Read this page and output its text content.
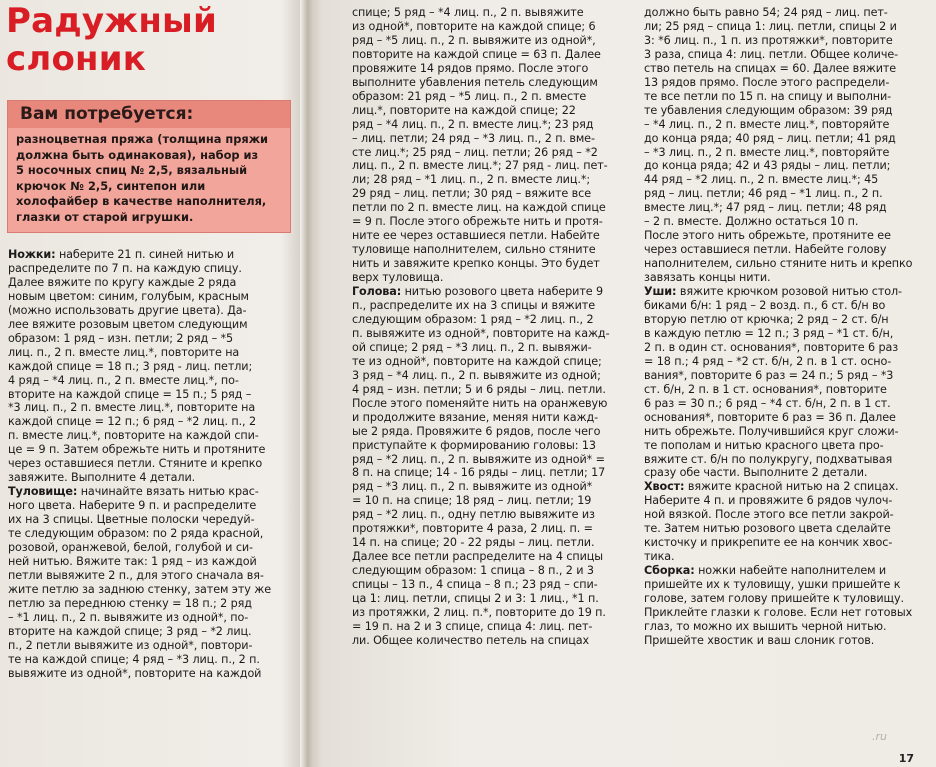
Радужный

слоник

Вам потребуется:
разноцветная пряжа (толщина пряжи
должна быть одинаковая), набор из
5 носочных спиц № 2,5, вязальный
крючок № 2,5, синтепон или
холофайбер в качестве наполнителя,
глазки от старой игрушки.

Ножки: наберите 21 п. синей нитью и

распределите по 7 п. на каждую спицу.

Далее вяжите по кругу каждые 2 ряда

новым цветом: синим, голубым, красным

(можно использовать другие цвета). Да-

лее вяжите розовым цветом следующим

образом: 1 ряд – изн. петли; 2 ряд – *5

лиц. п., 2 п. вместе лиц.*, повторите на

каждой спице = 18 п.; 3 ряд - лиц. петли;

4 ряд – *4 лиц. п., 2 п. вместе лиц.*, по-

вторите на каждой спице = 15 п.; 5 ряд –

*3 лиц. п., 2 п. вместе лиц.*, повторите на

каждой спице = 12 п.; 6 ряд – *2 лиц. п., 2

п. вместе лиц.*, повторите на каждой спи-

це = 9 п. Затем обрежьте нить и протяните

через оставшиеся петли. Стяните и крепко

завяжите. Выполните 4 детали.

Туловище: начинайте вязать нитью крас-

ного цвета. Наберите 9 п. и распределите

их на 3 спицы. Цветные полоски чередуй-

те следующим образом: по 2 ряда красной,

розовой, оранжевой, белой, голубой и си-

ней нитью. Вяжите так: 1 ряд – из каждой

петли вывяжите 2 п., для этого сначала вя-

жите петлю за заднюю стенку, затем эту же

петлю за переднюю стенку = 18 п.; 2 ряд

– *1 лиц. п., 2 п. вывяжите из одной*, по-

вторите на каждой спице; 3 ряд – *2 лиц.

п., 2 петли вывяжите из одной*, повтори-

те на каждой спице; 4 ряд – *3 лиц. п., 2 п.

вывяжите из одной*, повторите на каждой

спице; 5 ряд – *4 лиц. п., 2 п. вывяжите

из одной*, повторите на каждой спице; 6

ряд – *5 лиц. п., 2 п. вывяжите из одной*,

повторите на каждой спице = 63 п. Далее

провяжите 14 рядов прямо. После этого

выполните убавления петель следующим

образом: 21 ряд – *5 лиц. п., 2 п. вместе

лиц.*, повторите на каждой спице; 22

ряд – *4 лиц. п., 2 п. вместе лиц.*; 23 ряд

– лиц. петли; 24 ряд – *3 лиц. п., 2 п. вме-

сте лиц.*; 25 ряд – лиц. петли; 26 ряд – *2

лиц. п., 2 п. вместе лиц.*; 27 ряд - лиц. пет-

ли; 28 ряд – *1 лиц. п., 2 п. вместе лиц.*;

29 ряд – лиц. петли; 30 ряд – вяжите все

петли по 2 п. вместе лиц. на каждой спице

= 9 п. После этого обрежьте нить и протя-

ните ее через оставшиеся петли. Набейте

туловище наполнителем, сильно стяните

нить и завяжите крепко концы. Это будет

верх туловища.

Голова: нитью розового цвета наберите 9

п., распределите их на 3 спицы и вяжите

следующим образом: 1 ряд – *2 лиц. п., 2

п. вывяжите из одной*, повторите на кажд-

ой спице; 2 ряд – *3 лиц. п., 2 п. вывяжи-

те из одной*, повторите на каждой спице;

3 ряд – *4 лиц. п., 2 п. вывяжите из одной;

4 ряд – изн. петли; 5 и 6 ряды – лиц. петли.

После этого поменяйте нить на оранжевую

и продолжите вязание, меняя нити кажд-

ые 2 ряда. Провяжите 6 рядов, после чего

приступайте к формированию головы: 13

ряд – *2 лиц. п., 2 п. вывяжите из одной* =

8 п. на спице; 14 - 16 ряды – лиц. петли; 17

ряд – *3 лиц. п., 2 п. вывяжите из одной*

= 10 п. на спице; 18 ряд – лиц. петли; 19

ряд – *2 лиц. п., одну петлю вывяжите из

протяжки*, повторите 4 раза, 2 лиц. п. =

14 п. на спице; 20 - 22 ряды – лиц. петли.

Далее все петли распределите на 4 спицы

следующим образом: 1 спица – 8 п., 2 и 3

спицы – 13 п., 4 спица – 8 п.; 23 ряд – спи-

ца 1: лиц. петли, спицы 2 и 3: 1 лиц., *1 п.

из протяжки, 2 лиц. п.*, повторите до 19 п.

= 19 п. на 2 и 3 спице, спица 4: лиц. пет-

ли. Общее количество петель на спицах

должно быть равно 54; 24 ряд – лиц. пет-

ли; 25 ряд – спица 1: лиц. петли, спицы 2 и

3: *6 лиц. п., 1 п. из протяжки*, повторите

3 раза, спица 4: лиц. петли. Общее количе-

ство петель на спицах = 60. Далее вяжите

13 рядов прямо. После этого распредели-

те все петли по 15 п. на спицу и выполни-

те убавления следующим образом: 39 ряд

– *4 лиц. п., 2 п. вместе лиц.*, повторяйте

до конца ряда; 40 ряд – лиц. петли; 41 ряд

– *3 лиц. п., 2 п. вместе лиц.*, повторяйте

до конца ряда; 42 и 43 ряды – лиц. петли;

44 ряд – *2 лиц. п., 2 п. вместе лиц.*; 45

ряд – лиц. петли; 46 ряд – *1 лиц. п., 2 п.

вместе лиц.*; 47 ряд – лиц. петли; 48 ряд

– 2 п. вместе. Должно остаться 10 п.

После этого нить обрежьте, протяните ее

через оставшиеся петли. Набейте голову

наполнителем, сильно стяните нить и крепко

завязать концы нити.

Уши: вяжите крючком розовой нитью стол-

биками б/н: 1 ряд – 2 возд. п., 6 ст. б/н во

вторую петлю от крючка; 2 ряд – 2 ст. б/н

в каждую петлю = 12 п.; 3 ряд – *1 ст. б/н,

2 п. в один ст. основания*, повторите 6 раз

= 18 п.; 4 ряд – *2 ст. б/н, 2 п. в 1 ст. осно-

вания*, повторите 6 раз = 24 п.; 5 ряд – *3

ст. б/н, 2 п. в 1 ст. основания*, повторите

6 раз = 30 п.; 6 ряд – *4 ст. б/н, 2 п. в 1 ст.

основания*, повторите 6 раз = 36 п. Далее

нить обрежьте. Получившийся круг сложи-

те пополам и нитью красного цвета про-

вяжите ст. б/н по полукругу, подхватывая

сразу обе части. Выполните 2 детали.

Хвост: вяжите красной нитью на 2 спицах.

Наберите 4 п. и провяжите 6 рядов чулоч-

ной вязкой. После этого все петли закрой-

те. Затем нитью розового цвета сделайте

кисточку и прикрепите ее на кончик хвос-

тика.

Сборка: ножки набейте наполнителем и

пришейте их к туловищу, ушки пришейте к

голове, затем голову пришейте к туловищу.

Приклейте глазки к голове. Если нет готовых

глаз, то можно их вышить черной нитью.

Пришейте хвостик и ваш слоник готов.

.ru
17
